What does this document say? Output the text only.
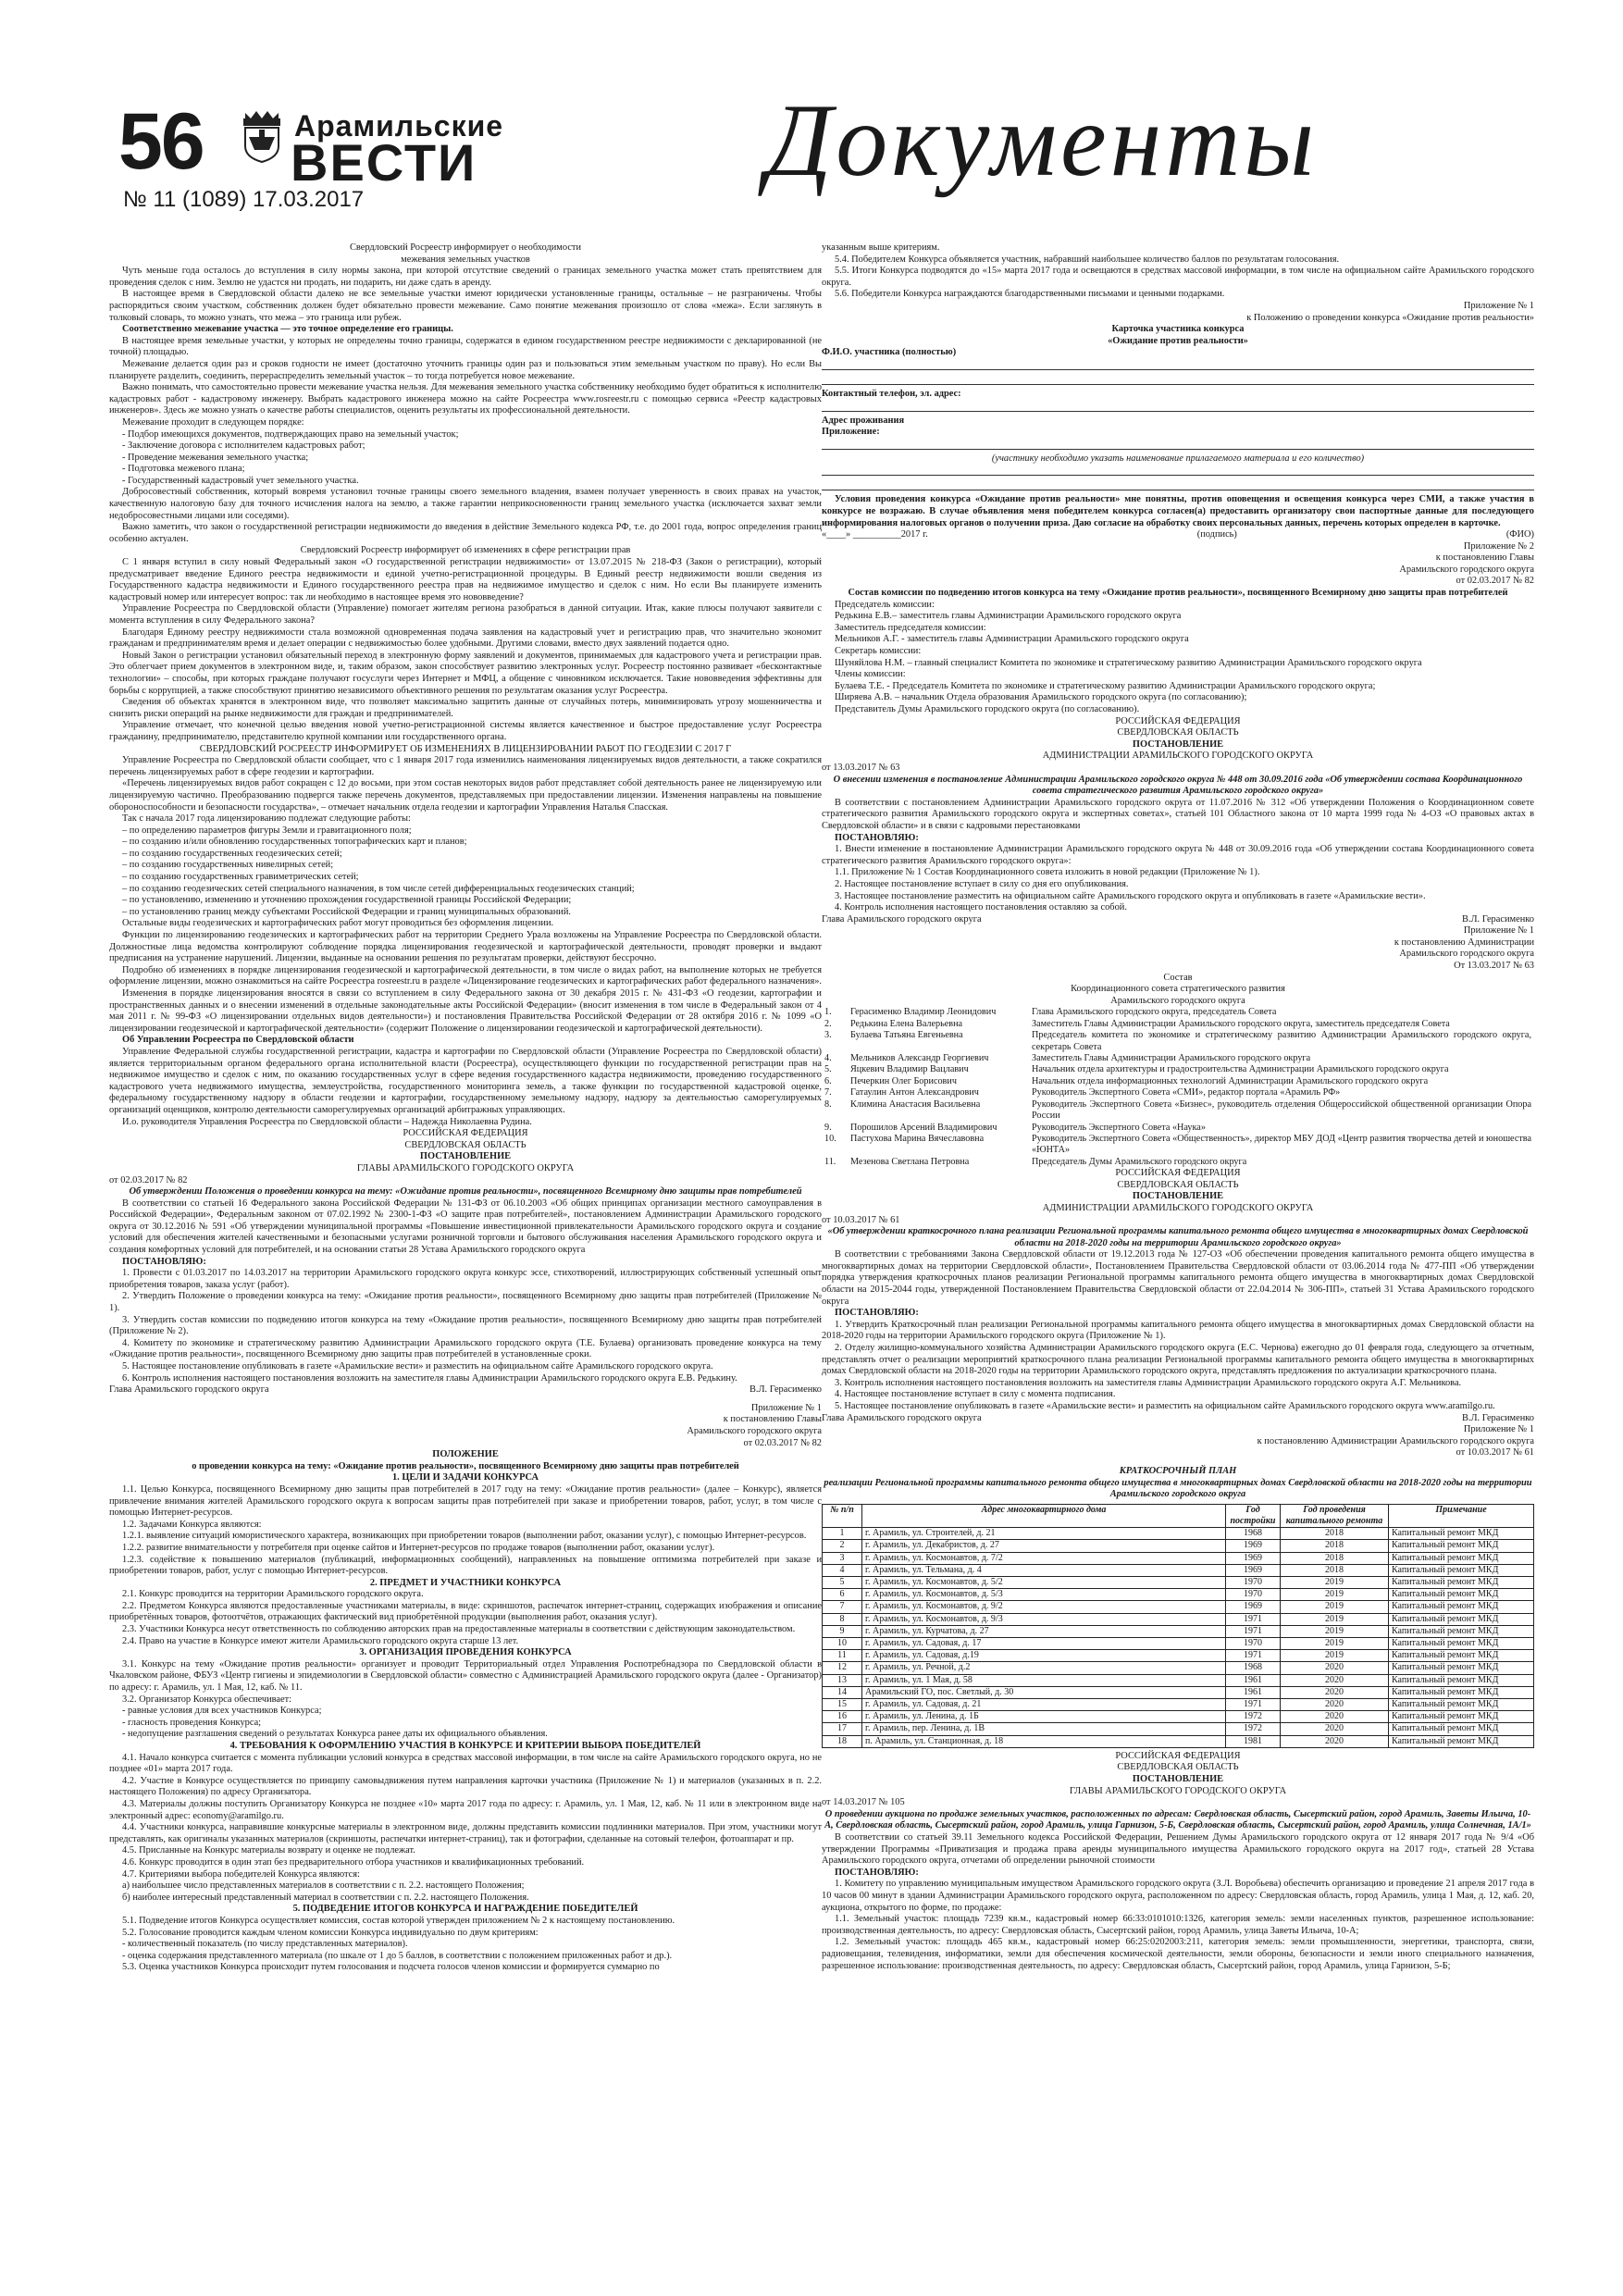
56	Арамильские
ВЕСТИ
№ 11 (1089) 17.03.2017
Документы

Свердловский Росреестр информирует о необходимости

межевания земельных участков

Чуть меньше года осталось до вступления в силу нормы закона, при которой отсутствие сведений о границах земельного участка может стать препятствием для проведения сделок с ним. Землю не удастся ни продать, ни подарить, ни даже сдать в аренду.

В настоящее время в Свердловской области далеко не все земельные участки имеют юридически установленные границы, остальные – не разграничены. Чтобы распорядиться своим участком, собственник должен будет обязательно провести межевание. Само понятие межевания произошло от слова «межа». Если заглянуть в толковый словарь, то можно узнать, что межа – это граница или рубеж.

Соответственно межевание участка — это точное определение его границы.

В настоящее время земельные участки, у которых не определены точно границы, содержатся в едином государственном реестре недвижимости с декларированной (не точной) площадью.

Межевание делается один раз и сроков годности не имеет (достаточно уточнить границы один раз и пользоваться этим земельным участком по праву). Но если Вы планируете разделить, соединить, перераспределить земельный участок – то тогда потребуется новое межевание.

Важно понимать, что самостоятельно провести межевание участка нельзя. Для межевания земельного участка собственнику необходимо будет обратиться к исполнителю кадастровых работ - кадастровому инженеру. Выбрать кадастрового инженера можно на сайте Росреестра www.rosreestr.ru с помощью сервиса «Реестр кадастровых инженеров». Здесь же можно узнать о качестве работы специалистов, оценить результаты их профессиональной деятельности.

Межевание проходит в следующем порядке:

- Подбор имеющихся документов, подтверждающих право на земельный участок;

- Заключение договора с исполнителем кадастровых работ;

- Проведение межевания земельного участка;

- Подготовка межевого плана;

- Государственный кадастровый учет земельного участка.

Добросовестный собственник, который вовремя установил точные границы своего земельного владения, взамен получает уверенность в своих правах на участок, качественную налоговую базу для точного исчисления налога на землю, а также гарантии неприкосновенности границ земельного участка (исключается захват земли недобросовестными лицами или соседями).

Важно заметить, что закон о государственной регистрации недвижимости до введения в действие Земельного кодекса РФ, т.е. до 2001 года, вопрос определения границ особенно актуален.

Свердловский Росреестр информирует об изменениях в сфере регистрации прав

С 1 января вступил в силу новый Федеральный закон «О государственной регистрации недвижимости» от 13.07.2015 № 218-ФЗ (Закон о регистрации), который предусматривает введение Единого реестра недвижимости и единой учетно-регистрационной процедуры. В Единый реестр недвижимости вошли сведения из Государственного кадастра недвижимости и Единого государственного реестра прав на недвижимое имущество и сделок с ним. Но если Вы планируете изменить кадастровый номер или интересует вопрос: так ли необходимо в настоящее время это нововведение?

Управление Росреестра по Свердловской области (Управление) помогает жителям региона разобраться в данной ситуации. Итак, какие плюсы получают заявители с момента вступления в силу Федерального закона?

Благодаря Единому реестру недвижимости стала возможной одновременная подача заявления на кадастровый учет и регистрацию прав, что значительно экономит гражданам и предпринимателям время и делает операции с недвижимостью более удобными. Другими словами, вместо двух заявлений подается одно.

Новый Закон о регистрации установил обязательный переход в электронную форму заявлений и документов, принимаемых для кадастрового учета и регистрации прав. Это облегчает прием документов в электронном виде, и, таким образом, закон способствует развитию электронных услуг. Росреестр постоянно развивает «бесконтактные технологии» – способы, при которых граждане получают госуслуги через Интернет и МФЦ, а общение с чиновником исключается. Такие нововведения эффективны для борьбы с коррупцией, а также способствуют принятию независимого объективного решения по результатам оказания услуг Росреестра.

Сведения об объектах хранятся в электронном виде, что позволяет максимально защитить данные от случайных потерь, минимизировать угрозу мошенничества и снизить риски операций на рынке недвижимости для граждан и предпринимателей.

Управление отмечает, что конечной целью введения новой учетно-регистрационной системы является качественное и быстрое предоставление услуг Росреестра гражданину, предпринимателю, представителю крупной компании или государственного органа.

СВЕРДЛОВСКИЙ РОСРЕЕСТР ИНФОРМИРУЕТ ОБ ИЗМЕНЕНИЯХ В ЛИЦЕНЗИРОВАНИИ РАБОТ ПО ГЕОДЕЗИИ С 2017 Г

Управление Росреестра по Свердловской области сообщает, что с 1 января 2017 года изменились наименования лицензируемых видов деятельности, а также сократился перечень лицензируемых работ в сфере геодезии и картографии.

«Перечень лицензируемых видов работ сокращен с 12 до восьми, при этом состав некоторых видов работ представляет собой деятельность ранее не лицензируемую или лицензируемую частично. Преобразованию подвергся также перечень документов, представляемых при предоставлении лицензии. Изменения направлены на повышение обороноспособности и безопасности государства», – отмечает начальник отдела геодезии и картографии Управления Наталья Спасская.

Так с начала 2017 года лицензированию подлежат следующие работы:

– по определению параметров фигуры Земли и гравитационного поля;

– по созданию и/или обновлению государственных топографических карт и планов;

– по созданию государственных геодезических сетей;

– по созданию государственных нивелирных сетей;

– по созданию государственных гравиметрических сетей;

– по созданию геодезических сетей специального назначения, в том числе сетей дифференциальных геодезических станций;

– по установлению, изменению и уточнению прохождения государственной границы Российской Федерации;

– по установлению границ между субъектами Российской Федерации и границ муниципальных образований.

Остальные виды геодезических и картографических работ могут проводиться без оформления лицензии.

Функции по лицензированию геодезических и картографических работ на территории Среднего Урала возложены на Управление Росреестра по Свердловской области. Должностные лица ведомства контролируют соблюдение порядка лицензирования геодезической и картографической деятельности, проводят проверки и выдают предписания на устранение нарушений. Лицензии, выданные на основании решения по результатам проверки, действуют бессрочно.

Подробно об изменениях в порядке лицензирования геодезической и картографической деятельности, в том числе о видах работ, на выполнение которых не требуется оформление лицензии, можно ознакомиться на сайте Росреестра rosreestr.ru в разделе «Лицензирование геодезических и картографических работ федерального назначения».

Изменения в порядке лицензирования вносятся в связи со вступлением в силу Федерального закона от 30 декабря 2015 г. № 431-ФЗ «О геодезии, картографии и пространственных данных и о внесении изменений в отдельные законодательные акты Российской Федерации» (вносит изменения в том числе в Федеральный закон от 4 мая 2011 г. № 99-ФЗ «О лицензировании отдельных видов деятельности») и постановления Правительства Российской Федерации от 28 октября 2016 г. № 1099 «О лицензировании геодезической и картографической деятельности» (содержит Положение о лицензировании геодезической и картографической деятельности).

Об Управлении Росреестра по Свердловской области

Управление Федеральной службы государственной регистрации, кадастра и картографии по Свердловской области (Управление Росреестра по Свердловской области) является территориальным органом федерального органа исполнительной власти (Росреестра), осуществляющего функции по государственной регистрации прав на недвижимое имущество и сделок с ним, по оказанию государственных услуг в сфере ведения государственного кадастра недвижимости, проведению государственного кадастрового учета недвижимого имущества, землеустройства, государственного мониторинга земель, а также функции по государственной кадастровой оценке, федеральному государственному надзору в области геодезии и картографии, государственному земельному надзору, надзору за деятельностью саморегулируемых организаций оценщиков, контролю деятельности саморегулируемых организаций арбитражных управляющих.

И.о. руководителя Управления Росреестра по Свердловской области – Надежда Николаевна Рудина.

РОССИЙСКАЯ ФЕДЕРАЦИЯ

СВЕРДЛОВСКАЯ ОБЛАСТЬ

ПОСТАНОВЛЕНИЕ

ГЛАВЫ АРАМИЛЬСКОГО ГОРОДСКОГО ОКРУГА

от 02.03.2017 № 82

Об утверждении Положения о проведении конкурса на тему: «Ожидание против реальности», посвященного Всемирному дню защиты прав потребителей

В соответствии со статьей 16 Федерального закона Российской Федерации № 131-ФЗ от 06.10.2003 «Об общих принципах организации местного самоуправления в Российской Федерации», Федеральным законом от 07.02.1992 № 2300-1-ФЗ «О защите прав потребителей», постановлением Администрации Арамильского городского округа от 30.12.2016 № 591 «Об утверждении муниципальной программы «Повышение инвестиционной привлекательности Арамильского городского округа и создание условий для обеспечения жителей качественными и безопасными услугами розничной торговли и бытового обслуживания населения Арамильского городского округа и создания комфортных условий для потребителей, и на основании статьи 28 Устава Арамильского городского округа

ПОСТАНОВЛЯЮ:

1. Провести с 01.03.2017 по 14.03.2017 на территории Арамильского городского округа конкурс эссе, стихотворений, иллюстрирующих собственный успешный опыт приобретения товаров, заказа услуг (работ).

2. Утвердить Положение о проведении конкурса на тему: «Ожидание против реальности», посвященного Всемирному дню защиты прав потребителей (Приложение № 1).

3. Утвердить состав комиссии по подведению итогов конкурса на тему «Ожидание против реальности», посвященного Всемирному дню защиты прав потребителей (Приложение № 2).

4. Комитету по экономике и стратегическому развитию Администрации Арамильского городского округа (Т.Е. Булаева) организовать проведение конкурса на тему «Ожидание против реальности», посвященного Всемирному дню защиты прав потребителей в установленные сроки.

5. Настоящее постановление опубликовать в газете «Арамильские вести» и разместить на официальном сайте Арамильского городского округа.

6. Контроль исполнения настоящего постановления возложить на заместителя главы Администрации Арамильского городского округа Е.В. Редькину.

Глава Арамильского городского округа	В.Л. Герасименко

Приложение № 1

к постановлению Главы

Арамильского городского округа

от 02.03.2017 № 82

ПОЛОЖЕНИЕ

о проведении конкурса на тему: «Ожидание против реальности», посвященного Всемирному дню защиты прав потребителей

1. ЦЕЛИ И ЗАДАЧИ КОНКУРСА

1.1. Целью Конкурса, посвященного Всемирному дню защиты прав потребителей в 2017 году на тему: «Ожидание против реальности» (далее – Конкурс), является привлечение внимания жителей Арамильского городского округа к вопросам защиты прав потребителей при заказе и приобретении товаров, работ, услуг, в том числе с помощью Интернет-ресурсов.

1.2. Задачами Конкурса являются:

1.2.1. выявление ситуаций юмористического характера, возникающих при приобретении товаров (выполнении работ, оказании услуг), с помощью Интернет-ресурсов.

1.2.2. развитие внимательности у потребителя при оценке сайтов и Интернет-ресурсов по продаже товаров (выполнении работ, оказании услуг).

1.2.3. содействие к повышению материалов (публикаций, информационных сообщений), направленных на повышение оптимизма потребителей при заказе и приобретении товаров, работ, услуг с помощью Интернет-ресурсов.

2. ПРЕДМЕТ И УЧАСТНИКИ КОНКУРСА

2.1. Конкурс проводится на территории Арамильского городского округа.

2.2. Предметом Конкурса являются предоставленные участниками материалы, в виде: скриншотов, распечаток интернет-страниц, содержащих изображения и описание приобретённых товаров, фотоотчётов, отражающих фактический вид приобретённой продукции (выполнения работ, оказания услуг).

2.3. Участники Конкурса несут ответственность по соблюдению авторских прав на предоставленные материалы в соответствии с действующим законодательством.

2.4. Право на участие в Конкурсе имеют жители Арамильского городского округа старше 13 лет.

3. ОРГАНИЗАЦИЯ ПРОВЕДЕНИЯ КОНКУРСА

3.1. Конкурс на тему «Ожидание против реальности» организует и проводит Территориальный отдел Управления Роспотребнадзора по Свердловской области в Чкаловском районе, ФБУЗ «Центр гигиены и эпидемиологии в Свердловской области» совместно с Администрацией Арамильского городского округа (далее - Организатор) по адресу: г. Арамиль, ул. 1 Мая, 12, каб. № 11.

3.2. Организатор Конкурса обеспечивает:

- равные условия для всех участников Конкурса;

- гласность проведения Конкурса;

- недопущение разглашения сведений о результатах Конкурса ранее даты их официального объявления.

4. ТРЕБОВАНИЯ К ОФОРМЛЕНИЮ УЧАСТИЯ В КОНКУРСЕ И КРИТЕРИИ ВЫБОРА ПОБЕДИТЕЛЕЙ

4.1. Начало конкурса считается с момента публикации условий конкурса в средствах массовой информации, в том числе на сайте Арамильского городского округа, но не позднее «01» марта 2017 года.

4.2. Участие в Конкурсе осуществляется по принципу самовыдвижения путем направления карточки участника (Приложение № 1) и материалов (указанных в п. 2.2. настоящего Положения) по адресу Организатора.

4.3. Материалы должны поступить Организатору Конкурса не позднее «10» марта 2017 года по адресу: г. Арамиль, ул. 1 Мая, 12, каб. № 11 или в электронном виде на электронный адрес: economy@aramilgo.ru.

4.4. Участники конкурса, направившие конкурсные материалы в электронном виде, должны представить комиссии подлинники материалов. При этом, участники могут представлять, как оригиналы указанных материалов (скриншоты, распечатки интернет-страниц), так и фотографии, сделанные на сотовый телефон, фотоаппарат и пр.

4.5. Присланные на Конкурс материалы возврату и оценке не подлежат.

4.6. Конкурс проводится в один этап без предварительного отбора участников и квалификационных требований.

4.7. Критериями выбора победителей Конкурса являются:

а) наибольшее число представленных материалов в соответствии с п. 2.2. настоящего Положения;

б) наиболее интересный представленный материал в соответствии с п. 2.2. настоящего Положения.

5. ПОДВЕДЕНИЕ ИТОГОВ КОНКУРСА И НАГРАЖДЕНИЕ ПОБЕДИТЕЛЕЙ

5.1. Подведение итогов Конкурса осуществляет комиссия, состав которой утвержден приложением № 2 к настоящему постановлению.

5.2. Голосование проводится каждым членом комиссии Конкурса индивидуально по двум критериям:

- количественный показатель (по числу представленных материалов).

- оценка содержания представленного материала (по шкале от 1 до 5 баллов, в соответствии с положением приложенных работ и др.).

5.3. Оценка участников Конкурса происходит путем голосования и подсчета голосов членов комиссии и формируется суммарно по

указанным выше критериям.

5.4. Победителем Конкурса объявляется участник, набравший наибольшее количество баллов по результатам голосования.

5.5. Итоги Конкурса подводятся до «15» марта 2017 года и освещаются в средствах массовой информации, в том числе на официальном сайте Арамильского городского округа.

5.6. Победители Конкурса награждаются благодарственными письмами и ценными подарками.

Приложение № 1

к Положению о проведении конкурса «Ожидание против реальности»

Карточка участника конкурса

«Ожидание против реальности»

Ф.И.О. участника (полностью)

Контактный телефон, эл. адрес:

Адрес проживания

Приложение:

(участнику необходимо указать наименование прилагаемого материала и его количество)

Условия проведения конкурса «Ожидание против реальности» мне понятны, против оповещения и освещения конкурса через СМИ, а также участия в конкурсе не возражаю. В случае объявления меня победителем конкурса согласен(а) предоставить организатору свои паспортные данные для последующего информирования налоговых органов о получении приза. Даю согласие на обработку своих персональных данных, перечень которых определен в карточке.

«____» __________2017 г.	(подпись)	(ФИО)

Приложение № 2

к постановлению Главы

Арамильского городского округа

от 02.03.2017 № 82

Состав комиссии по подведению итогов конкурса на тему «Ожидание против реальности», посвященного Всемирному дню защиты прав потребителей

Председатель комиссии:

Редькина Е.В.– заместитель главы Администрации Арамильского городского округа

Заместитель председателя комиссии:

Мельников А.Г. - заместитель главы Администрации Арамильского городского округа

Секретарь комиссии:

Шуняйлова Н.М. – главный специалист Комитета по экономике и стратегическому развитию Администрации Арамильского городского округа

Члены комиссии:

Булаева Т.Е. - Председатель Комитета по экономике и стратегическому развитию Администрации Арамильского городского округа;

Ширяева А.В. – начальник Отдела образования Арамильского городского округа (по согласованию);

Представитель Думы Арамильского городского округа (по согласованию).

РОССИЙСКАЯ ФЕДЕРАЦИЯ

СВЕРДЛОВСКАЯ ОБЛАСТЬ

ПОСТАНОВЛЕНИЕ

АДМИНИСТРАЦИИ АРАМИЛЬСКОГО ГОРОДСКОГО ОКРУГА

от 13.03.2017 № 63

О внесении изменения в постановление Администрации Арамильского городского округа № 448 от 30.09.2016 года «Об утверждении состава Координационного совета стратегического развития Арамильского городского округа»

В соответствии с постановлением Администрации Арамильского городского округа от 11.07.2016 № 312 «Об утверждении Положения о Координационном совете стратегического развития Арамильского городского округа и экспертных советах», статьей 101 Областного закона от 10 марта 1999 года № 4-ОЗ «О правовых актах в Свердловской области» и в связи с кадровыми перестановками

ПОСТАНОВЛЯЮ:

1. Внести изменение в постановление Администрации Арамильского городского округа № 448 от 30.09.2016 года «Об утверждении состава Координационного совета стратегического развития Арамильского городского округа»:

1.1. Приложение № 1 Состав Координационного совета изложить в новой редакции (Приложение № 1).

2. Настоящее постановление вступает в силу со дня его опубликования.

3. Настоящее постановление разместить на официальном сайте Арамильского городского округа и опубликовать в газете «Арамильские вести».

4. Контроль исполнения настоящего постановления оставляю за собой.

Глава Арамильского городского округа	В.Л. Герасименко

Приложение № 1

к постановлению Администрации

Арамильского городского округа

От 13.03.2017 № 63

Состав

Координационного совета стратегического развития

Арамильского городского округа

1.	Герасименко Владимир Леонидович	Глава Арамильского городского округа, председатель Совета
2.	Редькина Елена Валерьевна	Заместитель Главы Администрации Арамильского городского округа, заместитель председателя Совета
3.	Булаева Татьяна Евгеньевна	Председатель комитета по экономике и стратегическому развитию Администрации Арамильского городского округа, секретарь Совета
4.	Мельников Александр Георгиевич	Заместитель Главы Администрации Арамильского городского округа
5.	Яцкевич Владимир Вацлавич	Начальник отдела архитектуры и градостроительства Администрации Арамильского городского округа
6.	Печеркин Олег Борисович	Начальник отдела информационных технологий Администрации Арамильского городского округа
7.	Гатаулин Антон Александрович	Руководитель Экспертного Совета «СМИ», редактор портала «Арамиль РФ»
8.	Климина Анастасия Васильевна	Руководитель Экспертного Совета «Бизнес», руководитель отделения Общероссийской общественной организации Опора России
9.	Порошилов Арсений Владимирович	Руководитель Экспертного Совета «Наука»
10.	Пастухова Марина Вячеславовна	Руководитель Экспертного Совета «Общественность», директор МБУ ДОД «Центр развития творчества детей и юношества «ЮНТА»
11.	Мезенова Светлана Петровна	Председатель Думы Арамильского городского округа

РОССИЙСКАЯ ФЕДЕРАЦИЯ

СВЕРДЛОВСКАЯ ОБЛАСТЬ

ПОСТАНОВЛЕНИЕ

АДМИНИСТРАЦИИ АРАМИЛЬСКОГО ГОРОДСКОГО ОКРУГА

от 10.03.2017 № 61

«Об утверждении краткосрочного плана реализации Региональной программы капитального ремонта общего имущества в многоквартирных домах Свердловской области на 2018-2020 годы на территории Арамильского городского округа»

В соответствии с требованиями Закона Свердловской области от 19.12.2013 года № 127-ОЗ «Об обеспечении проведения капитального ремонта общего имущества в многоквартирных домах на территории Свердловской области», Постановлением Правительства Свердловской области от 03.06.2014 года № 477-ПП «Об утверждении порядка утверждения краткосрочных планов реализации Региональной программы капитального ремонта общего имущества в многоквартирных домах Свердловской области на 2015-2044 годы, утвержденной Постановлением Правительства Свердловской области от 22.04.2014 № 306-ПП», статьей 31 Устава Арамильского городского округа

ПОСТАНОВЛЯЮ:

1. Утвердить Краткосрочный план реализации Региональной программы капитального ремонта общего имущества в многоквартирных домах Свердловской области на 2018-2020 годы на территории Арамильского городского округа (Приложение № 1).

2. Отделу жилищно-коммунального хозяйства Администрации Арамильского городского округа (Е.С. Чернова) ежегодно до 01 февраля года, следующего за отчетным, представлять отчет о реализации мероприятий краткосрочного плана реализации Региональной программы капитального ремонта общего имущества в многоквартирных домах Свердловской области на 2018-2020 годы на территории Арамильского городского округа, представлять предложения по актуализации краткосрочного плана.

3. Контроль исполнения настоящего постановления возложить на заместителя главы Администрации Арамильского городского округа А.Г. Мельникова.

4. Настоящее постановление вступает в силу с момента подписания.

5. Настоящее постановление опубликовать в газете «Арамильские вести» и разместить на официальном сайте Арамильского городского округа www.aramilgo.ru.

Глава Арамильского городского округа	В.Л. Герасименко

Приложение № 1

к постановлению Администрации Арамильского городского округа

от 10.03.2017 № 61

КРАТКОСРОЧНЫЙ ПЛАН

реализации Региональной программы капитального ремонта общего имущества в многоквартирных домах Свердловской области на 2018-2020 годы на территории Арамильского городского округа

№ п/п	Адрес многоквартирного дома	Год постройки	Год проведения капитального ремонта	Примечание
1	г. Арамиль, ул. Строителей, д. 21	1968	2018	Капитальный ремонт МКД
2	г. Арамиль, ул. Декабристов, д. 27	1969	2018	Капитальный ремонт МКД
3	г. Арамиль, ул. Космонавтов, д. 7/2	1969	2018	Капитальный ремонт МКД
4	г. Арамиль, ул. Тельмана, д. 4	1969	2018	Капитальный ремонт МКД
5	г. Арамиль, ул. Космонавтов, д. 5/2	1970	2019	Капитальный ремонт МКД
6	г. Арамиль, ул. Космонавтов, д. 5/3	1970	2019	Капитальный ремонт МКД
7	г. Арамиль, ул. Космонавтов, д. 9/2	1969	2019	Капитальный ремонт МКД
8	г. Арамиль, ул. Космонавтов, д. 9/3	1971	2019	Капитальный ремонт МКД
9	г. Арамиль, ул. Курчатова, д. 27	1971	2019	Капитальный ремонт МКД
10	г. Арамиль, ул. Садовая, д. 17	1970	2019	Капитальный ремонт МКД
11	г. Арамиль, ул. Садовая, д.19	1971	2019	Капитальный ремонт МКД
12	г. Арамиль, ул. Речной, д.2	1968	2020	Капитальный ремонт МКД
13	г. Арамиль, ул. 1 Мая, д. 58	1961	2020	Капитальный ремонт МКД
14	Арамильский ГО, пос. Светлый, д. 30	1961	2020	Капитальный ремонт МКД
15	г. Арамиль, ул. Садовая, д. 21	1971	2020	Капитальный ремонт МКД
16	г. Арамиль, ул. Ленина, д. 1Б	1972	2020	Капитальный ремонт МКД
17	г. Арамиль, пер. Ленина, д. 1В	1972	2020	Капитальный ремонт МКД
18	п. Арамиль, ул. Станционная, д. 18	1981	2020	Капитальный ремонт МКД

РОССИЙСКАЯ ФЕДЕРАЦИЯ

СВЕРДЛОВСКАЯ ОБЛАСТЬ

ПОСТАНОВЛЕНИЕ

ГЛАВЫ АРАМИЛЬСКОГО ГОРОДСКОГО ОКРУГА

от 14.03.2017 № 105

О проведении аукциона по продаже земельных участков, расположенных по адресам: Свердловская область, Сысертский район, город Арамиль, Заветы Ильича, 10-А, Свердловская область, Сысертский район, город Арамиль, улица Гарнизон, 5-Б, Свердловская область, Сысертский район, город Арамиль, улица Солнечная, 1А/1»

В соответствии со статьей 39.11 Земельного кодекса Российской Федерации, Решением Думы Арамильского городского округа от 12 января 2017 года № 9/4 «Об утверждении Программы «Приватизация и продажа права аренды муниципального имущества Арамильского городского округа на 2017 год», статьей 28 Устава Арамильского городского округа, отчетами об определении рыночной стоимости

ПОСТАНОВЛЯЮ:

1. Комитету по управлению муниципальным имуществом Арамильского городского округа (З.Л. Воробьева) обеспечить организацию и проведение 21 апреля 2017 года в 10 часов 00 минут в здании Администрации Арамильского городского округа, расположенном по адресу: Свердловская область, город Арамиль, улица 1 Мая, д. 12, каб. 20, аукциона, открытого по форме, по продаже:

1.1. Земельный участок: площадь 7239 кв.м., кадастровый номер 66:33:0101010:1326, категория земель: земли населенных пунктов, разрешенное использование: производственная деятельность, по адресу: Свердловская область, Сысертский район, город Арамиль, улица Заветы Ильича, 10-А;

1.2. Земельный участок: площадь 465 кв.м., кадастровый номер 66:25:0202003:211, категория земель: земли промышленности, энергетики, транспорта, связи, радиовещания, телевидения, информатики, земли для обеспечения космической деятельности, земли обороны, безопасности и земли иного специального назначения, разрешенное использование: производственная деятельность, по адресу: Свердловская область, Сысертский район, город Арамиль, улица Гарнизон, 5-Б;
